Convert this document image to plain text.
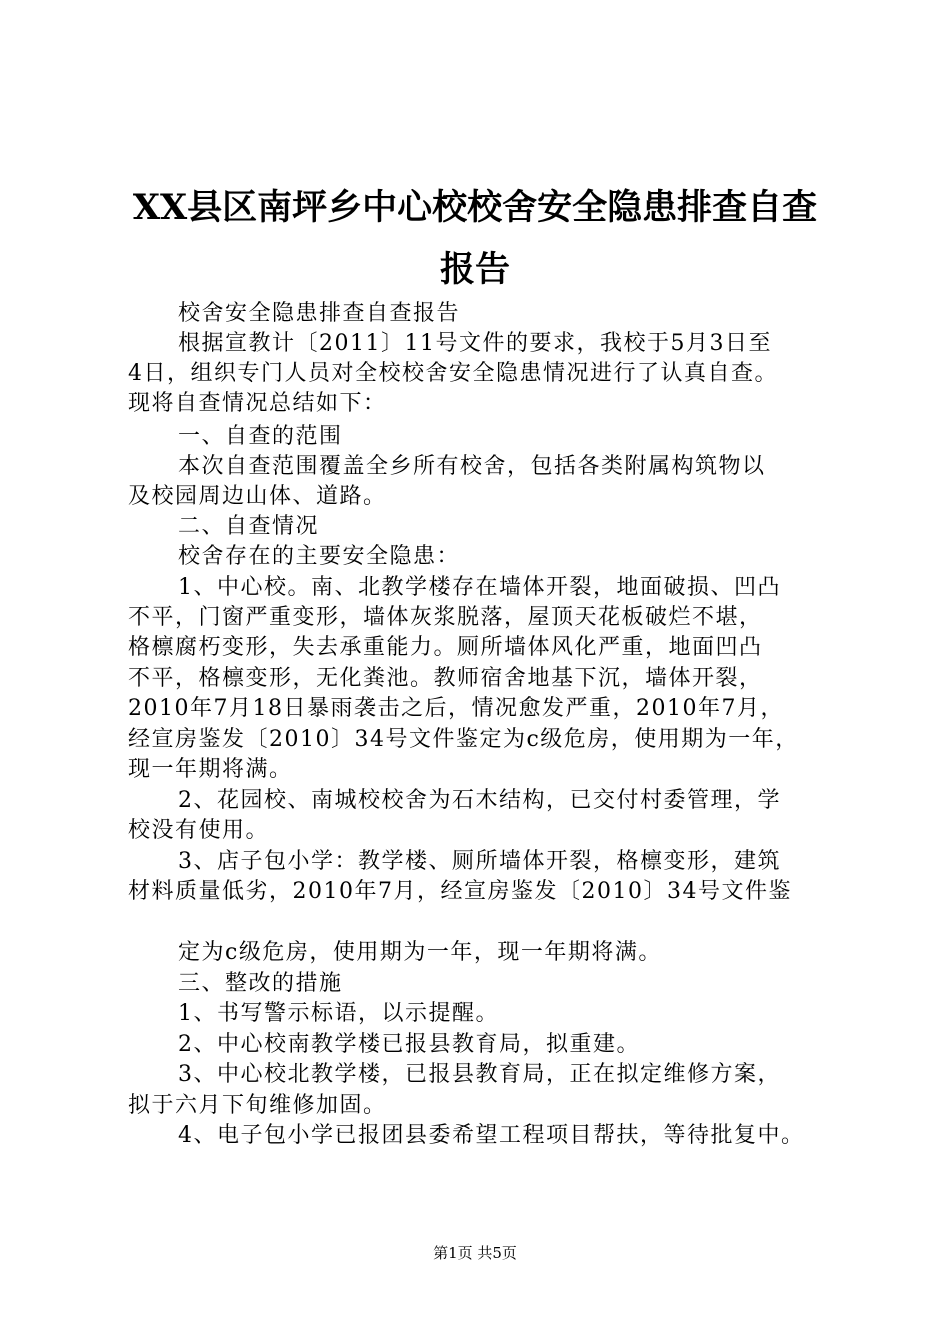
XX县区南坪乡中心校校舍安全隐患排查自查
报告
校舍安全隐患排查自查报告
根据宣教计〔2011〕11号文件的要求，我校于5月3日至
4日，组织专门人员对全校校舍安全隐患情况进行了认真自查。
现将自查情况总结如下：
一、自查的范围
本次自查范围覆盖全乡所有校舍，包括各类附属构筑物以
及校园周边山体、道路。
二、自查情况
校舍存在的主要安全隐患：
1、中心校。南、北教学楼存在墙体开裂，地面破损、凹凸
不平，门窗严重变形，墙体灰浆脱落，屋顶天花板破烂不堪，
格檩腐朽变形，失去承重能力。厕所墙体风化严重，地面凹凸
不平，格檩变形，无化粪池。教师宿舍地基下沉，墙体开裂，
2010年7月18日暴雨袭击之后，情况愈发严重，2010年7月，
经宣房鉴发〔2010〕34号文件鉴定为c级危房，使用期为一年，
现一年期将满。
2、花园校、南城校校舍为石木结构，已交付村委管理，学
校没有使用。
3、店子包小学：教学楼、厕所墙体开裂，格檩变形，建筑
材料质量低劣，2010年7月，经宣房鉴发〔2010〕34号文件鉴
定为c级危房，使用期为一年，现一年期将满。
三、整改的措施
1、书写警示标语，以示提醒。
2、中心校南教学楼已报县教育局，拟重建。
3、中心校北教学楼，已报县教育局，正在拟定维修方案，
拟于六月下旬维修加固。
4、电子包小学已报团县委希望工程项目帮扶，等待批复中。
第1页 共5页
